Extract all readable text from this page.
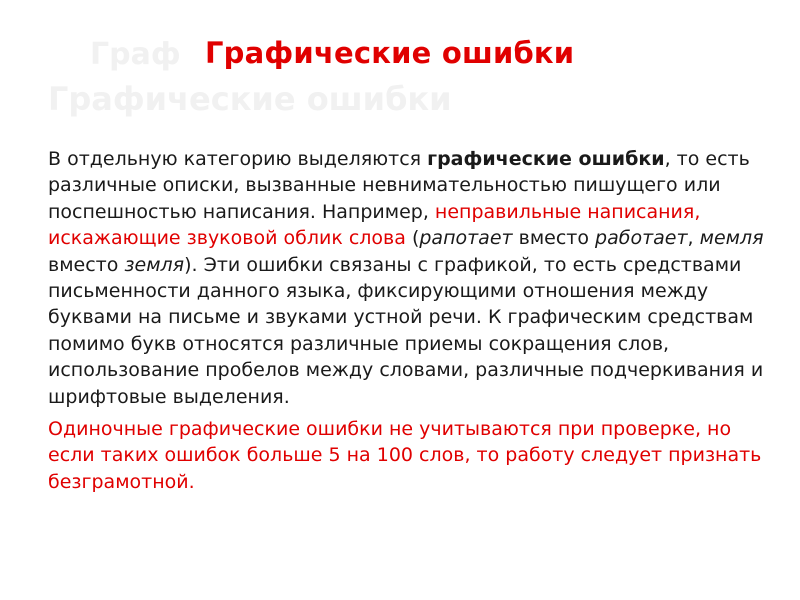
Граф
Графические ошибки
Графические ошибки

В отдельную категорию выделяются графические ошибки, то есть различные описки, вызванные невнимательностью пишущего или поспешностью написания. Например, неправильные написания, искажающие звуковой облик слова (рапотает вместо работает, мемля вместо земля). Эти ошибки связаны с графикой, то есть средствами письменности данного языка, фиксирующими отношения между буквами на письме и звуками устной речи. К графическим средствам помимо букв относятся различные приемы сокращения слов, использование пробелов между словами, различные подчеркивания и шрифтовые выделения.

Одиночные графические ошибки не учитываются при проверке, но если таких ошибок больше 5 на 100 слов, то работу следует признать безграмотной.
